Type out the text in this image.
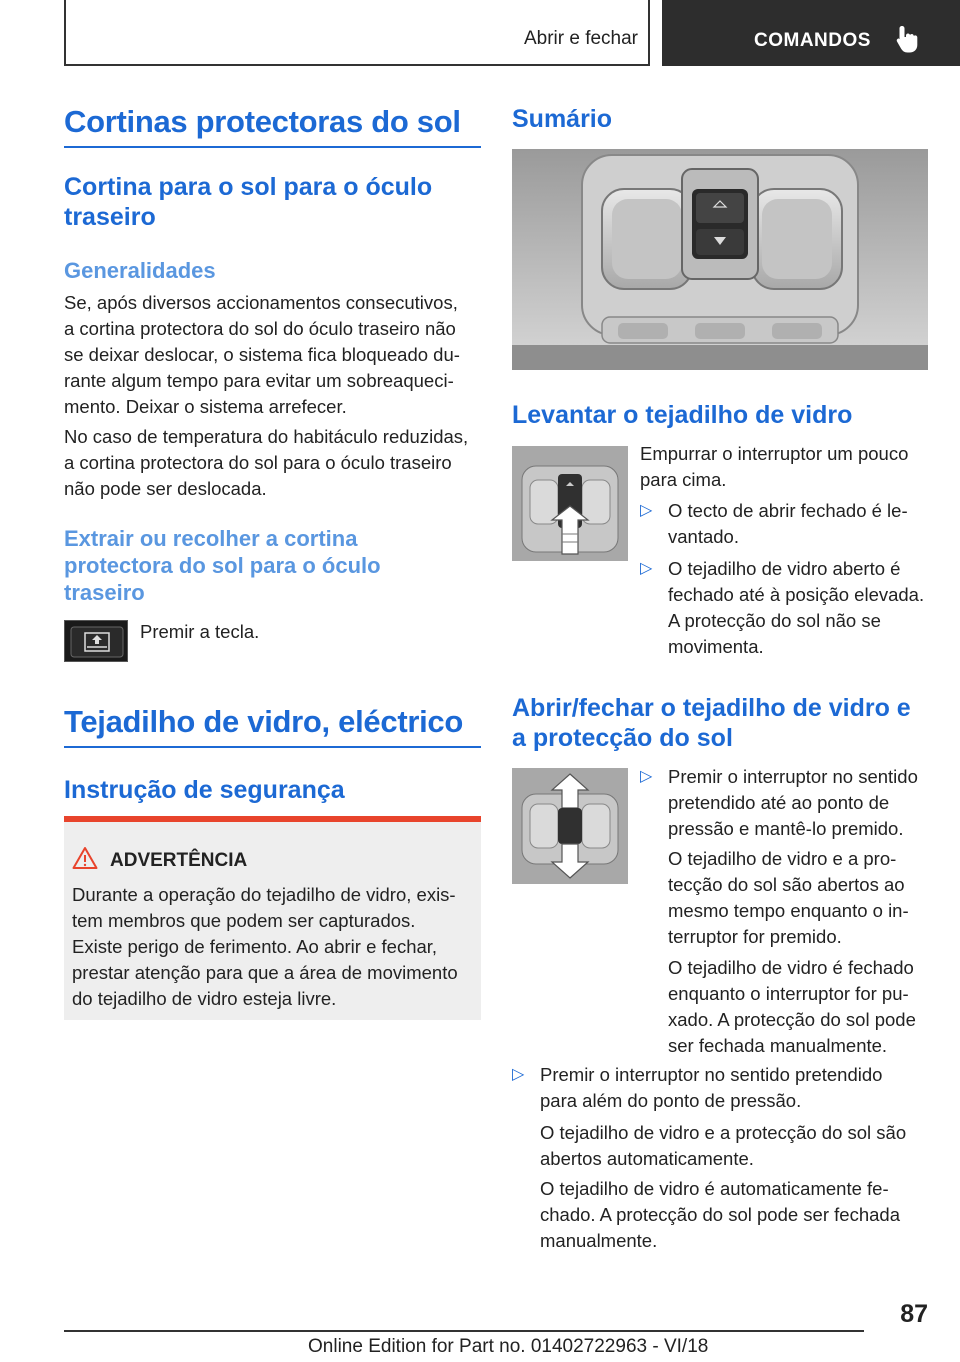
Abrir e fechar	COMANDOS
Cortinas protectoras do sol
Cortina para o sol para o óculo
traseiro
Generalidades
Se, após diversos accionamentos consecutivos,
a cortina protectora do sol do óculo traseiro não
se deixar deslocar, o sistema fica bloqueado du-
rante algum tempo para evitar um sobreaqueci-
mento. Deixar o sistema arrefecer.
No caso de temperatura do habitáculo reduzidas,
a cortina protectora do sol para o óculo traseiro
não pode ser deslocada.
Extrair ou recolher a cortina
protectora do sol para o óculo
traseiro
Premir a tecla.
Tejadilho de vidro, eléctrico
Instrução de segurança
ADVERTÊNCIA
Durante a operação do tejadilho de vidro, exis-
tem membros que podem ser capturados.
Existe perigo de ferimento. Ao abrir e fechar,
prestar atenção para que a área de movimento
do tejadilho de vidro esteja livre.
Sumário
Levantar o tejadilho de vidro
Empurrar o interruptor um pouco
para cima.
▷ O tecto de abrir fechado é le-
vantado.
▷ O tejadilho de vidro aberto é
fechado até à posição elevada.
A protecção do sol não se
movimenta.
Abrir/fechar o tejadilho de vidro e
a protecção do sol
▷ Premir o interruptor no sentido
pretendido até ao ponto de
pressão e mantê-lo premido.
O tejadilho de vidro e a pro-
tecção do sol são abertos ao
mesmo tempo enquanto o in-
terruptor for premido.
O tejadilho de vidro é fechado
enquanto o interruptor for pu-
xado. A protecção do sol pode
ser fechada manualmente.
▷ Premir o interruptor no sentido pretendido
para além do ponto de pressão.
O tejadilho de vidro e a protecção do sol são
abertos automaticamente.
O tejadilho de vidro é automaticamente fe-
chado. A protecção do sol pode ser fechada
manualmente.
87
Online Edition for Part no. 01402722963 - VI/18
